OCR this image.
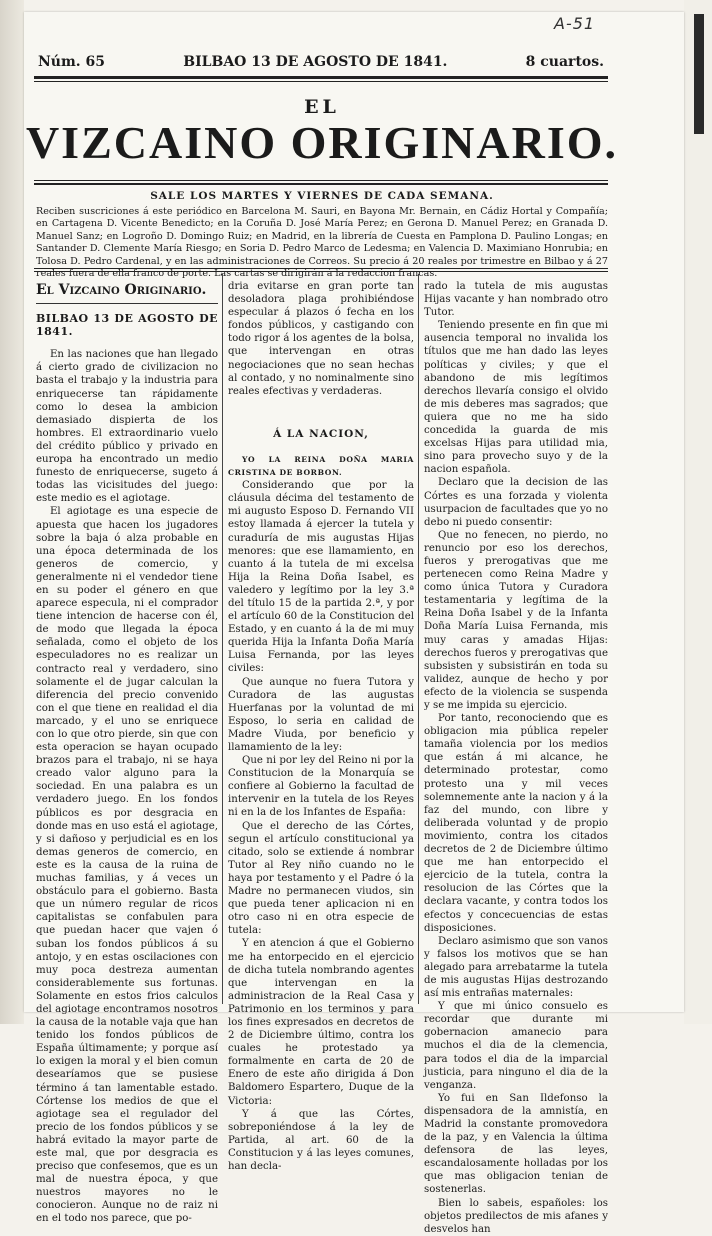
A-51
Núm. 65	BILBAO 13 DE AGOSTO DE 1841.	8 cuartos.
EL
VIZCAINO ORIGINARIO.
SALE LOS MARTES Y VIERNES DE CADA SEMANA.
Reciben suscriciones á este periódico en Barcelona M. Sauri, en Bayona Mr. Bernain, en Cádiz Hortal y Compañía; en Cartagena D. Vicente Benedicto; en la Coruña D. José María Perez; en Gerona D. Manuel Perez; en Granada D. Manuel Sanz; en Logroño D. Domingo Ruiz; en Madrid, en la librería de Cuesta en Pamplona D. Paulino Longas; en Santander D. Clemente María Riesgo; en Soria D. Pedro Marco de Ledesma; en Valencia D. Maximiano Honrubia; en Tolosa D. Pedro Cardenal, y en las administraciones de Correos. Su precio á 20 reales por trimestre en Bilbao y á 27 reales fuera de ella franco de porte. Las cartas se dirigirán á la redaccion francas.
El Vizcaino Originario.
BILBAO 13 DE AGOSTO DE 1841.

En las naciones que han llegado á cierto grado de civilizacion no basta el trabajo y la industria para enriquecerse tan rápidamente como lo desea la ambicion demasiado dispierta de los hombres. El extraordinario vuelo del crédito público y privado en europa ha encontrado un medio funesto de enriquecerse, sugeto á todas las vicisitudes del juego: este medio es el agiotage.

El agiotage es una especie de apuesta que hacen los jugadores sobre la baja ó alza probable en una época determinada de los generos de comercio, y generalmente ni el vendedor tiene en su poder el género en que aparece especula, ni el comprador tiene intencion de hacerse con él, de modo que llegada la época señalada, como el objeto de los especuladores no es realizar un contracto real y verdadero, sino solamente el de jugar calculan la diferencia del precio convenido con el que tiene en realidad el dia marcado, y el uno se enriquece con lo que otro pierde, sin que con esta operacion se hayan ocupado brazos para el trabajo, ni se haya creado valor alguno para la sociedad. En una palabra es un verdadero juego. En los fondos públicos es por desgracia en donde mas en uso está el agiotage, y si dañoso y perjudicial es en los demas generos de comercio, en este es la causa de la ruina de muchas familias, y á veces un obstáculo para el gobierno. Basta que un número regular de ricos capitalistas se confabulen para que puedan hacer que vajen ó suban los fondos públicos á su antojo, y en estas oscilaciones con muy poca destreza aumentan considerablemente sus fortunas. Solamente en estos frios calculos del agiotage encontramos nosotros la causa de la notable vaja que han tenido los fondos públicos de España últimamente; y porque así lo exigen la moral y el bien comun desearíamos que se pusiese término á tan lamentable estado. Córtense los medios de que el agiotage sea el regulador del precio de los fondos públicos y se habrá evitado la mayor parte de este mal, que por desgracia es preciso que confesemos, que es un mal de nuestra época, y que nuestros mayores no le conocieron. Aunque no de raiz ni en el todo nos parece, que po-

dria evitarse en gran porte tan desoladora plaga prohibiéndose especular á plazos ó fecha en los fondos públicos, y castigando con todo rigor á los agentes de la bolsa, que intervengan en otras negociaciones que no sean hechas al contado, y no nominalmente sino reales efectivas y verdaderas.

Á LA NACION,

YO LA REINA DOÑA MARIA CRISTINA DE BORBON.

Considerando que por la cláusula décima del testamento de mi augusto Esposo D. Fernando VII estoy llamada á ejercer la tutela y curaduría de mis augustas Hijas menores: que ese llamamiento, en cuanto á la tutela de mi excelsa Hija la Reina Doña Isabel, es valedero y legítimo por la ley 3.ª del título 15 de la partida 2.ª, y por el artículo 60 de la Constitucion del Estado, y en cuanto á la de mi muy querida Hija la Infanta Doña María Luisa Fernanda, por las leyes civiles:

Que aunque no fuera Tutora y Curadora de las augustas Huerfanas por la voluntad de mi Esposo, lo seria en calidad de Madre Viuda, por beneficio y llamamiento de la ley:

Que ni por ley del Reino ni por la Constitucion de la Monarquía se confiere al Gobierno la facultad de intervenir en la tutela de los Reyes ni en la de los Infantes de España:

Que el derecho de las Córtes, segun el artículo constitucional ya citado, solo se extiende á nombrar Tutor al Rey niño cuando no le haya por testamento y el Padre ó la Madre no permanecen viudos, sin que pueda tener aplicacion ni en otro caso ni en otra especie de tutela:

Y en atencion á que el Gobierno me ha entorpecido en el ejercicio de dicha tutela nombrando agentes que intervengan en la administracion de la Real Casa y Patrimonio en los terminos y para los fines expresados en decretos de 2 de Diciembre último, contra los cuales he protestado ya formalmente en carta de 20 de Enero de este año dirigida á Don Baldomero Espartero, Duque de la Victoria:

Y á que las Córtes, sobreponiéndose á la ley de Partida, al art. 60 de la Constitucion y á las leyes comunes, han decla-

rado la tutela de mis augustas Hijas vacante y han nombrado otro Tutor.

Teniendo presente en fin que mi ausencia temporal no invalida los títulos que me han dado las leyes políticas y civiles; y que el abandono de mis legítimos derechos llevaría consigo el olvido de mis deberes mas sagrados; que quiera que no me ha sido concedida la guarda de mis excelsas Hijas para utilidad mia, sino para provecho suyo y de la nacion española.

Declaro que la decision de las Córtes es una forzada y violenta usurpacion de facultades que yo no debo ni puedo consentir:

Que no fenecen, no pierdo, no renuncio por eso los derechos, fueros y prerogativas que me pertenecen como Reina Madre y como única Tutora y Curadora testamentaria y legítima de la Reina Doña Isabel y de la Infanta Doña María Luisa Fernanda, mis muy caras y amadas Hijas: derechos fueros y prerogativas que subsisten y subsistirán en toda su validez, aunque de hecho y por efecto de la violencia se suspenda y se me impida su ejercicio.

Por tanto, reconociendo que es obligacion mia pública repeler tamaña violencia por los medios que están á mi alcance, he determinado protestar, como protesto una y mil veces solemnemente ante la nacion y á la faz del mundo, con libre y deliberada voluntad y de propio movimiento, contra los citados decretos de 2 de Diciembre último que me han entorpecido el ejercicio de la tutela, contra la resolucion de las Córtes que la declara vacante, y contra todos los efectos y concecuencias de estas disposiciones.

Declaro asimismo que son vanos y falsos los motivos que se han alegado para arrebatarme la tutela de mis augustas Hijas destrozando así mis entrañas maternales:

Y que mi único consuelo es recordar que durante mi gobernacion amanecio para muchos el dia de la clemencia, para todos el dia de la imparcial justicia, para ninguno el dia de la venganza.

Yo fui en San Ildefonso la dispensadora de la amnistía, en Madrid la constante promovedora de la paz, y en Valencia la última defensora de las leyes, escandalosamente holladas por los que mas obligacion tenian de sostenerlas.

Bien lo sabeis, españoles: los objetos predilectos de mis afanes y desvelos han
